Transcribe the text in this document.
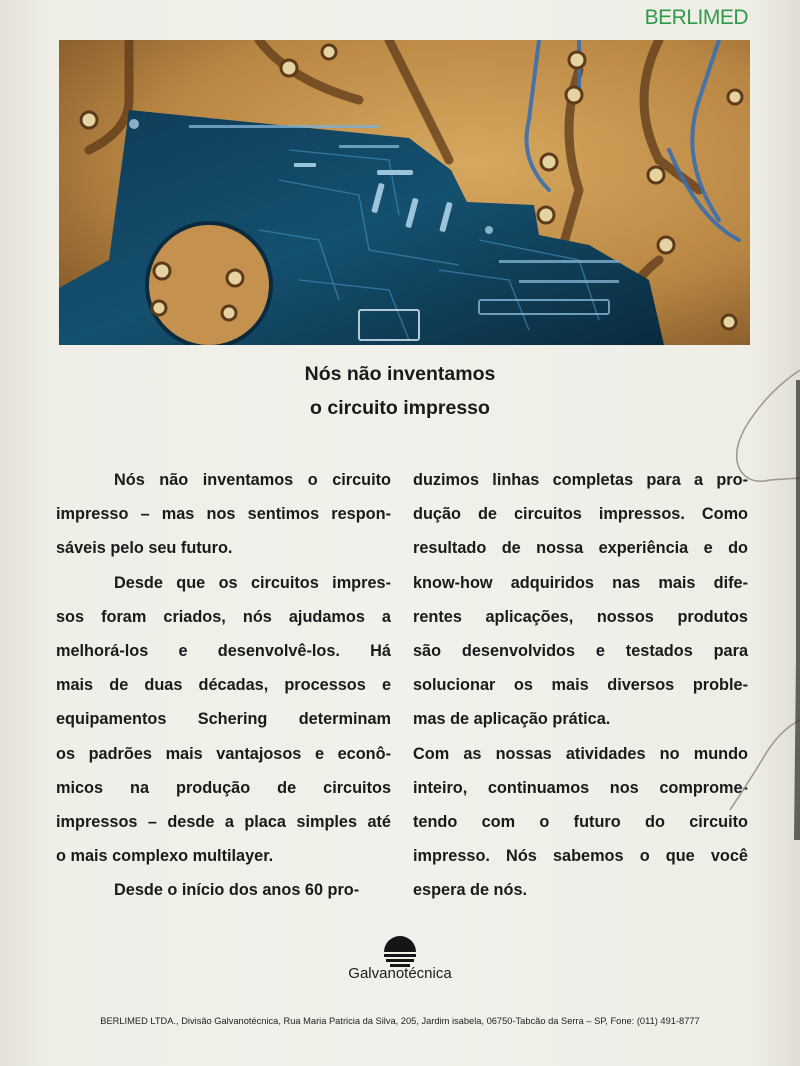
BERLIMED
Nós não inventamos
o circuito impresso
Nós não inventamos o circuito
impresso – mas nos sentimos respon-
sáveis pelo seu futuro.
Desde que os circuitos impres-
sos foram criados, nós ajudamos a
melhorá-los e desenvolvê-los. Há
mais de duas décadas, processos e
equipamentos Schering determinam
os padrões mais vantajosos e econô-
micos na produção de circuitos
impressos – desde a placa simples até
o mais complexo multilayer.
Desde o início dos anos 60 pro-
duzimos linhas completas para a pro-
dução de circuitos impressos. Como
resultado de nossa experiência e do
know-how adquiridos nas mais dife-
rentes aplicações, nossos produtos
são desenvolvidos e testados para
solucionar os mais diversos proble-
mas de aplicação prática.
Com as nossas atividades no mundo
inteiro, continuamos nos comprome-
tendo com o futuro do circuito
impresso. Nós sabemos o que você
espera de nós.
Galvanotécnica
BERLIMED LTDA., Divisão Galvanotécnica, Rua Maria Patricia da Silva, 205, Jardim isabela, 06750-Tabcão da Serra – SP, Fone: (011) 491-8777
